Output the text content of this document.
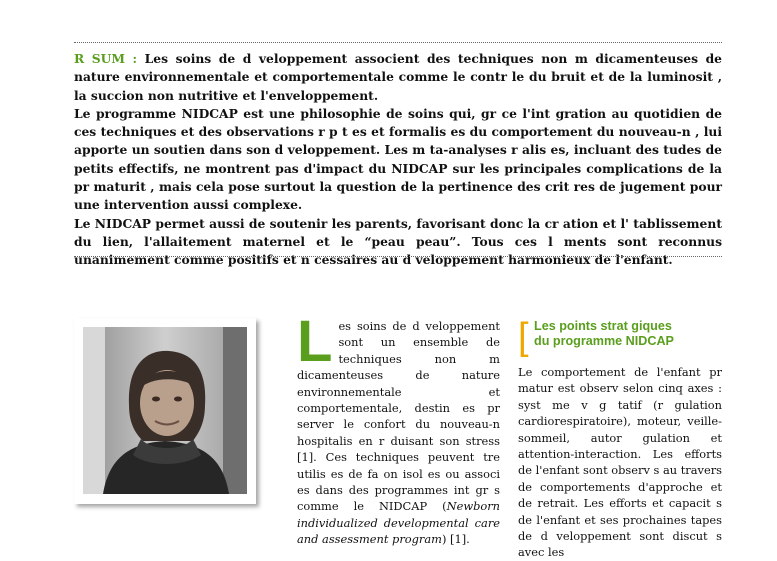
R SUM : Les soins de d veloppement associent des techniques non m dicamenteuses de nature environnementale et comportementale comme le contr le du bruit et de la luminosit , la succion non nutritive et l'enveloppement.

Le programme NIDCAP est une philosophie de soins qui, gr ce l'int gration au quotidien de ces techniques et des observations r p t es et formalis es du comportement du nouveau-n , lui apporte un soutien dans son d veloppement. Les m ta-analyses r alis es, incluant des tudes de petits effectifs, ne montrent pas d'impact du NIDCAP sur les principales complications de la pr maturit , mais cela pose surtout la question de la pertinence des crit res de jugement pour une intervention aussi complexe.

Le NIDCAP permet aussi de soutenir les parents, favorisant donc la cr ation et l' tablissement du lien, l'allaitement maternel et le “peau peau”. Tous ces l ments sont reconnus unanimement comme positifs et n cessaires au d veloppement harmonieux de l'enfant.

Les soins de d veloppement sont un ensemble de techniques non m dicamenteuses de nature environnementale et comportementale, destin es pr server le confort du nouveau-n hospitalis en r duisant son stress [1]. Ces techniques peuvent tre utilis es de fa on isol es ou associ es dans des programmes int gr s comme le NIDCAP (Newborn individualized developmental care and assessment program) [1].
[ Les points strat giques
du programme NIDCAP
Le comportement de l'enfant pr matur est observ selon cinq axes : syst me v g tatif (r gulation cardiorespiratoire), moteur, veille-sommeil, autor gulation et attention-interaction. Les efforts de l'enfant sont observ s au travers de comportements d'approche et de retrait. Les efforts et capacit s de l'enfant et ses prochaines tapes de d veloppement sont discut s avec les
